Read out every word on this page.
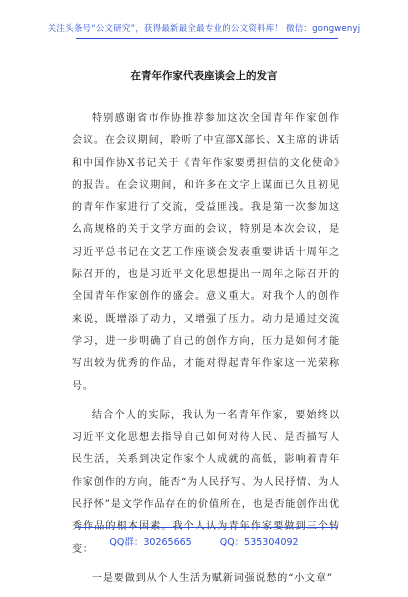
关注头条号“公文研究”，获得最新最全最专业的公文资料库！ 微信：gongwenyj
在青年作家代表座谈会上的发言

特别感谢省市作协推荐参加这次全国青年作家创作会议。在会议期间，聆听了中宣部X部长、X主席的讲话和中国作协X书记关于《青年作家要勇担信的文化使命》的报告。在会议期间，和许多在文字上谋面已久且初见的青年作家进行了交流，受益匪浅。我是第一次参加这么高规格的关于文学方面的会议，特别是本次会议，是习近平总书记在文艺工作座谈会发表重要讲话十周年之际召开的，也是习近平文化思想提出一周年之际召开的全国青年作家创作的盛会。意义重大。对我个人的创作来说，既增添了动力，又增强了压力。动力是通过交流学习，进一步明确了自己的创作方向，压力是如何才能写出较为优秀的作品，才能对得起青年作家这一光荣称号。

结合个人的实际，我认为一名青年作家，要始终以习近平文化思想去指导自己如何对待人民、是否描写人民生活，关系到决定作家个人成就的高低，影响着青年作家创作的方向，能否“为人民抒写、为人民抒情、为人民抒怀”是文学作品存在的价值所在，也是否能创作出优秀作品的根本因素。我个人认为青年作家要做到三个转变：

一是要做到从个人生活为赋新词强说愁的“小文章”

QQ群：30265665	QQ：535304092
